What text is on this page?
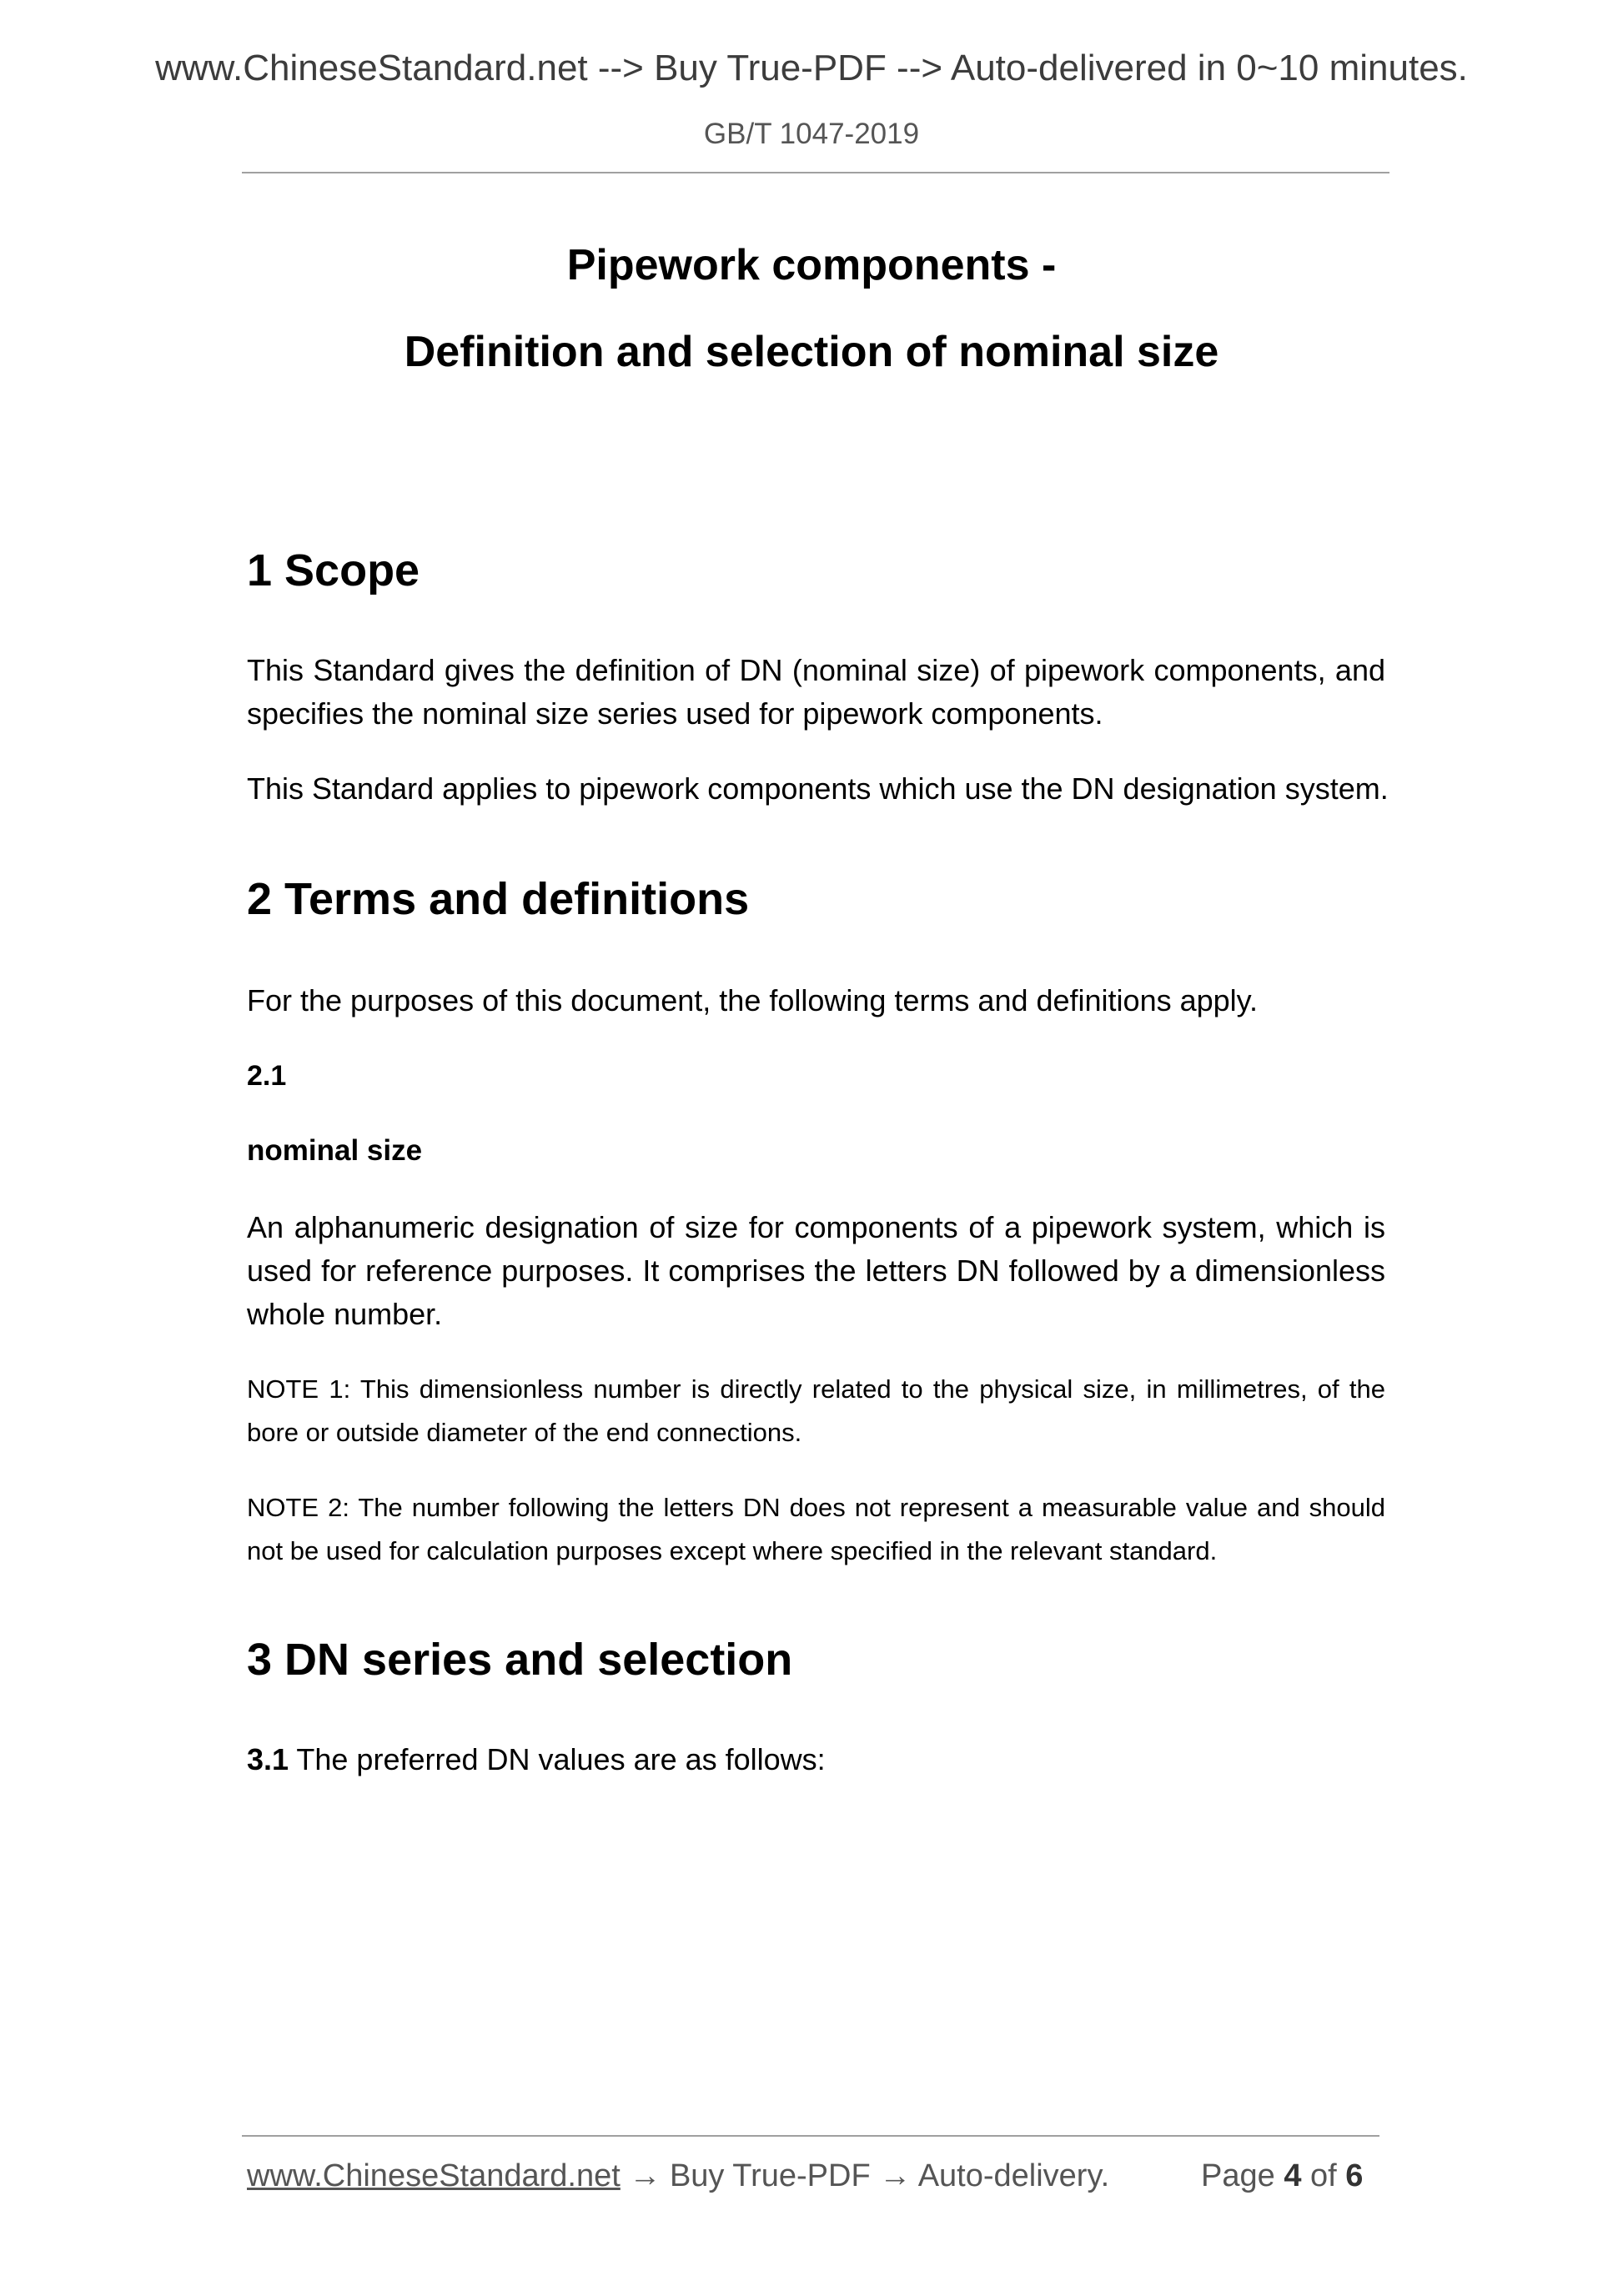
www.ChineseStandard.net --> Buy True-PDF --> Auto-delivered in 0~10 minutes.
GB/T 1047-2019
Pipework components -
Definition and selection of nominal size
1 Scope
This Standard gives the definition of DN (nominal size) of pipework components, and specifies the nominal size series used for pipework components.
This Standard applies to pipework components which use the DN designation system.
2 Terms and definitions
For the purposes of this document, the following terms and definitions apply.
2.1
nominal size
An alphanumeric designation of size for components of a pipework system, which is used for reference purposes. It comprises the letters DN followed by a dimensionless whole number.
NOTE 1: This dimensionless number is directly related to the physical size, in millimetres, of the bore or outside diameter of the end connections.
NOTE 2: The number following the letters DN does not represent a measurable value and should not be used for calculation purposes except where specified in the relevant standard.
3 DN series and selection
3.1 The preferred DN values are as follows:
www.ChineseStandard.net → Buy True-PDF → Auto-delivery.	Page 4 of 6
